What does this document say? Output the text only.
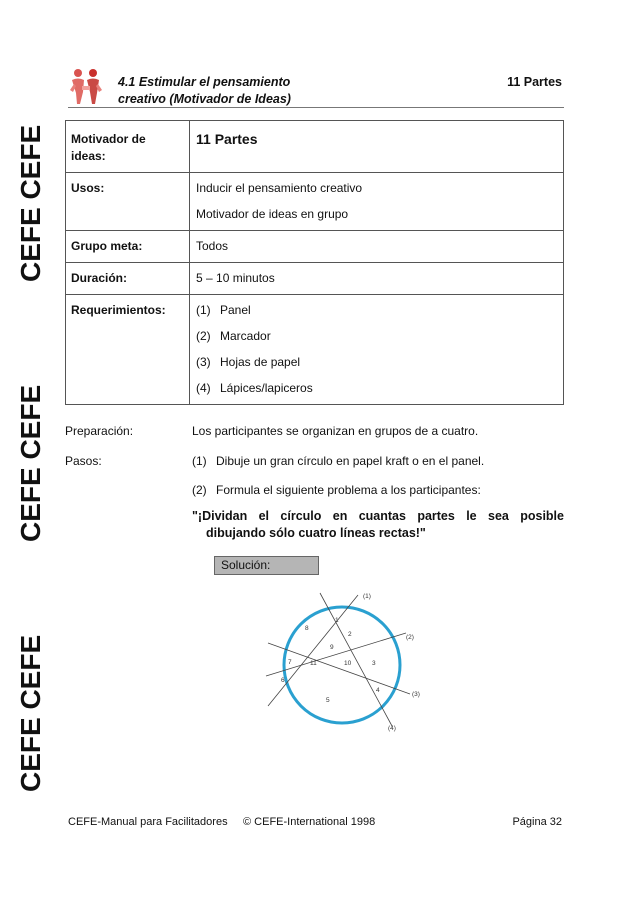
CEFE CEFE
CEFE CEFE
CEFE CEFE
4.1 Estimular el pensamiento
creativo (Motivador de Ideas)
11 Partes
Motivador de ideas:	11 Partes
Usos:	Inducir el pensamiento creativo
Motivador de ideas en grupo

Grupo meta:	Todos
Duración:	5 – 10 minutos
Requerimientos:	(1) Panel
(2) Marcador
(3) Hojas de papel
(4) Lápices/lapiceros
Preparación:	Los participantes se organizan en grupos de a cuatro.
Pasos:	(1) Dibuje un gran círculo en papel kraft o en el panel.
(2) Formula el siguiente problema a los participantes:
"¡Dividan el círculo en cuantas partes le sea posible
dibujando sólo cuatro líneas rectas!"
Solución:
(1)
(2)
(3)
(4)
1
2
3
4
5
6
7
8
9
10
11
CEFE-Manual para Facilitadores © CEFE-International 1998	Página 32
